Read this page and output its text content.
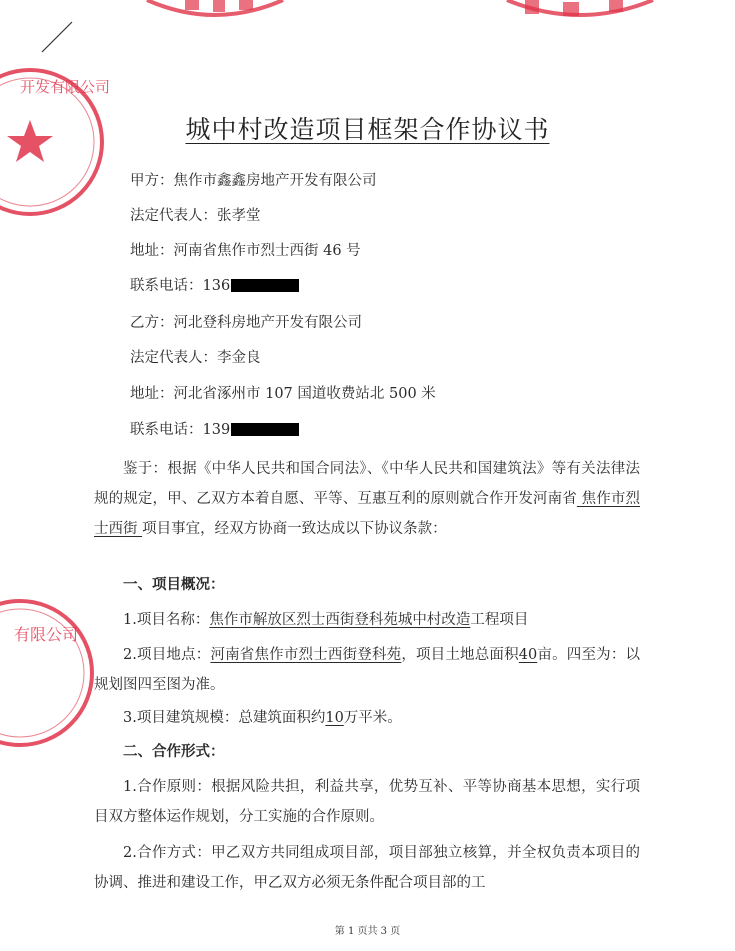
开发有限公司
有限公司
城中村改造项目框架合作协议书
甲方：焦作市鑫鑫房地产开发有限公司
法定代表人：张孝堂
地址：河南省焦作市烈士西街 46 号
联系电话：136
乙方：河北登科房地产开发有限公司
法定代表人：李金良
地址：河北省涿州市 107 国道收费站北 500 米
联系电话：139
鉴于：根据《中华人民共和国合同法》、《中华人民共和国建筑法》等有关法律法规的规定，甲、乙双方本着自愿、平等、互惠互利的原则就合作开发河南省 焦作市烈士西街 项目事宜，经双方协商一致达成以下协议条款：
一、项目概况：
1.项目名称：焦作市解放区烈士西街登科苑城中村改造工程项目
2.项目地点：河南省焦作市烈士西街登科苑，项目土地总面积40亩。四至为：以规划图四至图为准。
3.项目建筑规模：总建筑面积约10万平米。
二、合作形式：
1.合作原则：根据风险共担，利益共享，优势互补、平等协商基本思想，实行项目双方整体运作规划，分工实施的合作原则。
2.合作方式：甲乙双方共同组成项目部，项目部独立核算，并全权负责本项目的协调、推进和建设工作，甲乙双方必须无条件配合项目部的工
第 1 页共 3 页
